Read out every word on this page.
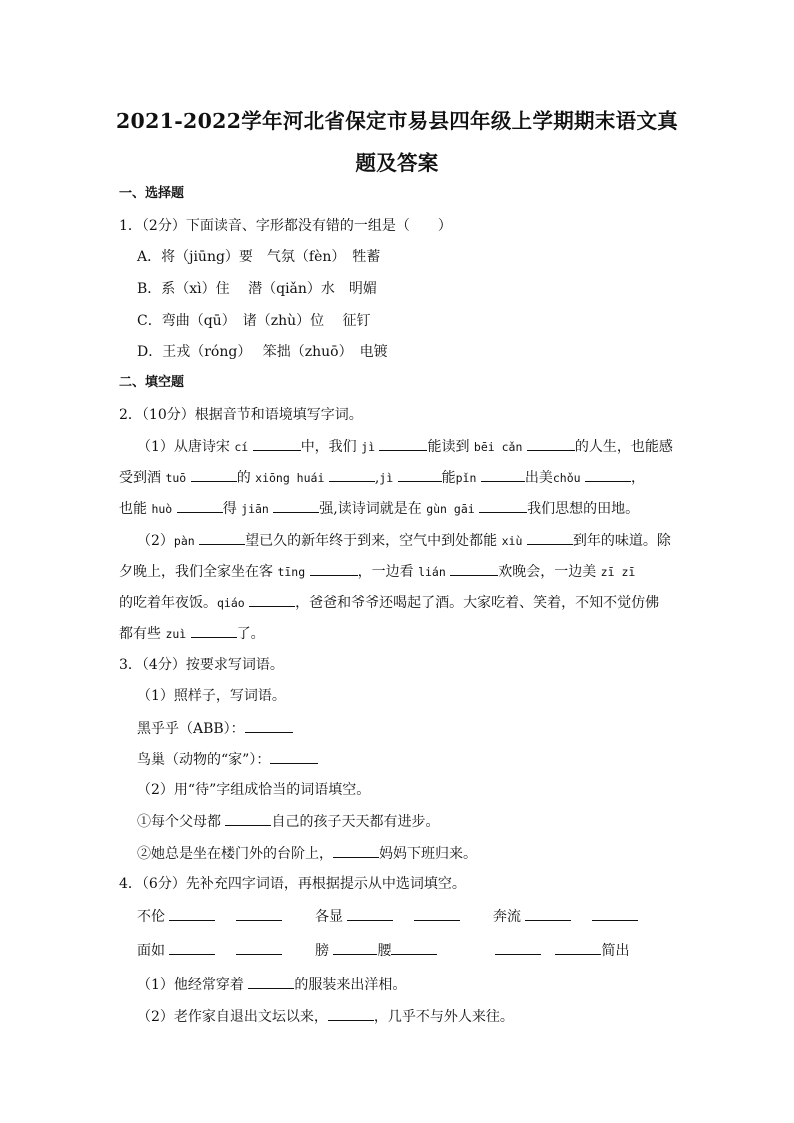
2021-2022学年河北省保定市易县四年级上学期期末语文真
题及答案
一、选择题
1．（2分）下面读音、字形都没有错的一组是（　　）
A．将（jiūng）要　气氛（fèn）　牲蓄
B．系（xì）住　 潜（qiǎn）水　明媚
C．弯曲（qū）　诸（zhù）位　 征钉
D．王戎（róng）　 笨拙（zhuō）　电镀
二、填空题
2．（10分）根据音节和语境填写字词。
（1）从唐诗宋 cí	中，我们 jì	能读到 bēi cǎn	的人生，也能感
受到酒 tuō	的 xiōng huái	,jì	能pǐn	出美chǒu	，
也能 huò	得 jiān	强,读诗词就是在 gùn gāi	我们思想的田地。
（2）pàn	望已久的新年终于到来，空气中到处都能 xiù	到年的味道。除
夕晚上，我们全家坐在客 tīng	，一边看 lián	欢晚会，一边美 zī zī
的吃着年夜饭。qiáo	，爸爸和爷爷还喝起了酒。大家吃着、笑着，不知不觉仿佛
都有些 zuì	了。
3．（4分）按要求写词语。
（1）照样子，写词语。
黑乎乎（ABB）：
鸟巢（动物的“家”）：
（2）用“待”字组成恰当的词语填空。
①每个父母都	自己的孩子天天都有进步。
②她总是坐在楼门外的台阶上，	妈妈下班归来。
4．（6分）先补充四字词语，再根据提示从中选词填空。
不伦	各显	奔流
面如	膀	腰	简出
（1）他经常穿着	的服装来出洋相。
（2）老作家自退出文坛以来，	，几乎不与外人来往。
